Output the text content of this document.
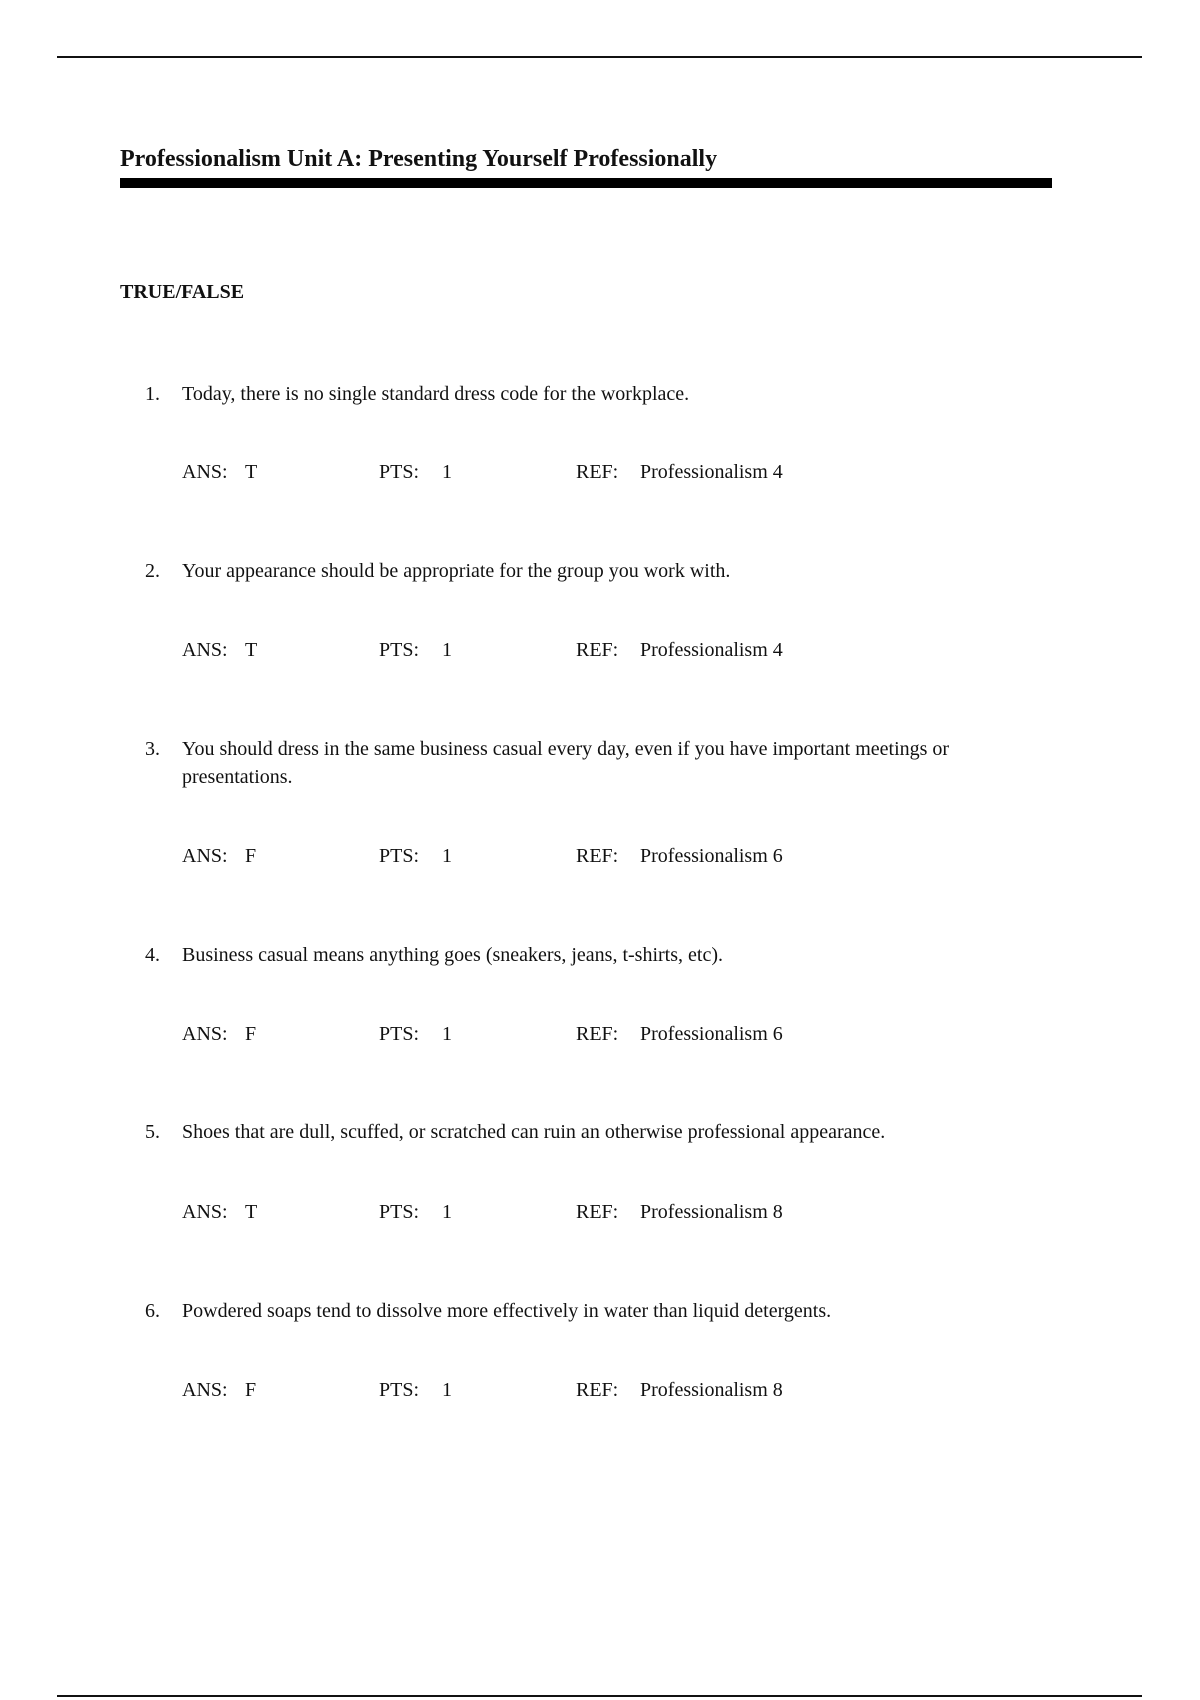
Professionalism Unit A: Presenting Yourself Professionally
TRUE/FALSE
1. Today, there is no single standard dress code for the workplace.
ANS: T	PTS: 1	REF: Professionalism 4
2. Your appearance should be appropriate for the group you work with.
ANS: T	PTS: 1	REF: Professionalism 4
3. You should dress in the same business casual every day, even if you have important meetings or presentations.
ANS: F	PTS: 1	REF: Professionalism 6
4. Business casual means anything goes (sneakers, jeans, t-shirts, etc).
ANS: F	PTS: 1	REF: Professionalism 6
5. Shoes that are dull, scuffed, or scratched can ruin an otherwise professional appearance.
ANS: T	PTS: 1	REF: Professionalism 8
6. Powdered soaps tend to dissolve more effectively in water than liquid detergents.
ANS: F	PTS: 1	REF: Professionalism 8
